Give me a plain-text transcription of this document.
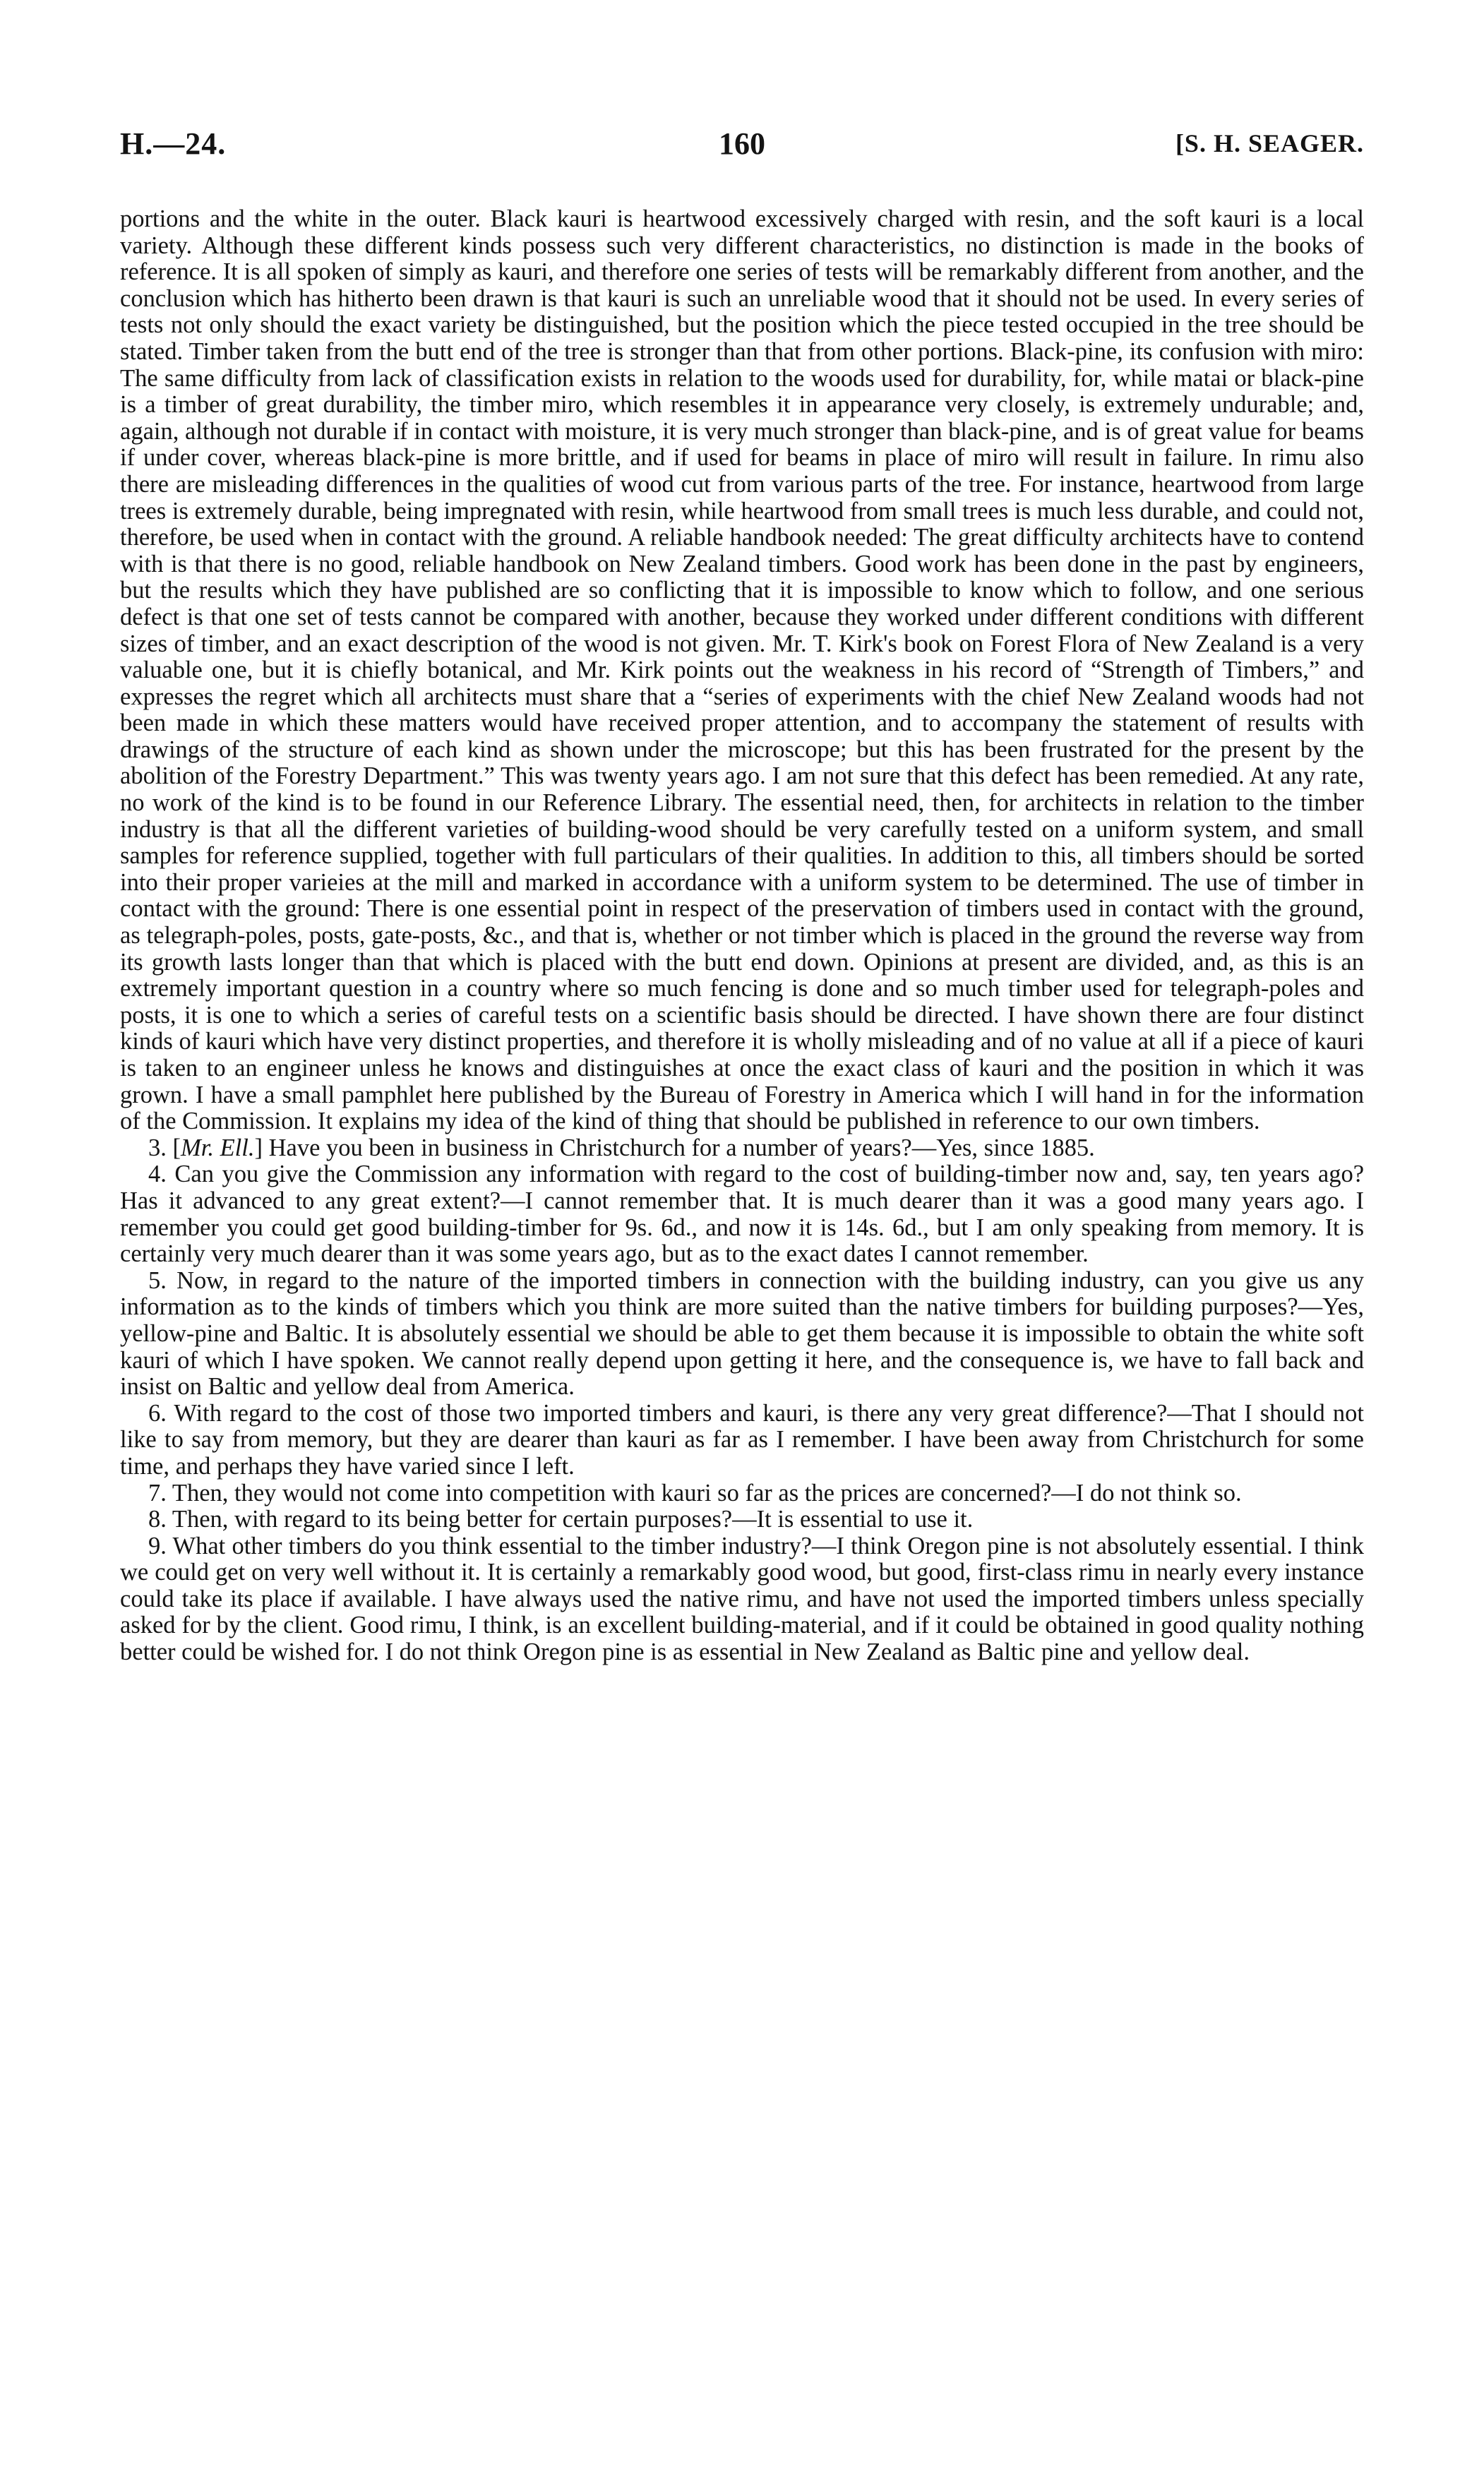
H.—24.	160	[S. H. SEAGER.

portions and the white in the outer. Black kauri is heartwood excessively charged with resin, and the soft kauri is a local variety. Although these different kinds possess such very different characteristics, no distinction is made in the books of reference. It is all spoken of simply as kauri, and therefore one series of tests will be remarkably different from another, and the conclusion which has hitherto been drawn is that kauri is such an unreliable wood that it should not be used. In every series of tests not only should the exact variety be distinguished, but the position which the piece tested occupied in the tree should be stated. Timber taken from the butt end of the tree is stronger than that from other portions. Black-pine, its confusion with miro: The same difficulty from lack of classification exists in relation to the woods used for durability, for, while matai or black-pine is a timber of great durability, the timber miro, which resembles it in appearance very closely, is extremely undurable; and, again, although not durable if in contact with moisture, it is very much stronger than black-pine, and is of great value for beams if under cover, whereas black-pine is more brittle, and if used for beams in place of miro will result in failure. In rimu also there are misleading differences in the qualities of wood cut from various parts of the tree. For instance, heartwood from large trees is extremely durable, being impregnated with resin, while heartwood from small trees is much less durable, and could not, therefore, be used when in contact with the ground. A reliable handbook needed: The great difficulty architects have to contend with is that there is no good, reliable handbook on New Zealand timbers. Good work has been done in the past by engineers, but the results which they have published are so conflicting that it is impossible to know which to follow, and one serious defect is that one set of tests cannot be compared with another, because they worked under different conditions with different sizes of timber, and an exact description of the wood is not given. Mr. T. Kirk's book on Forest Flora of New Zealand is a very valuable one, but it is chiefly botanical, and Mr. Kirk points out the weakness in his record of “Strength of Timbers,” and expresses the regret which all architects must share that a “series of experiments with the chief New Zealand woods had not been made in which these matters would have received proper attention, and to accompany the statement of results with drawings of the structure of each kind as shown under the microscope; but this has been frustrated for the present by the abolition of the Forestry Department.” This was twenty years ago. I am not sure that this defect has been remedied. At any rate, no work of the kind is to be found in our Reference Library. The essential need, then, for architects in relation to the timber industry is that all the different varieties of building-wood should be very carefully tested on a uniform system, and small samples for reference supplied, together with full particulars of their qualities. In addition to this, all timbers should be sorted into their proper varieies at the mill and marked in accordance with a uniform system to be determined. The use of timber in contact with the ground: There is one essential point in respect of the preservation of timbers used in contact with the ground, as telegraph-poles, posts, gate-posts, &c., and that is, whether or not timber which is placed in the ground the reverse way from its growth lasts longer than that which is placed with the butt end down. Opinions at present are divided, and, as this is an extremely important question in a country where so much fencing is done and so much timber used for telegraph-poles and posts, it is one to which a series of careful tests on a scientific basis should be directed. I have shown there are four distinct kinds of kauri which have very distinct properties, and therefore it is wholly misleading and of no value at all if a piece of kauri is taken to an engineer unless he knows and distinguishes at once the exact class of kauri and the position in which it was grown. I have a small pamphlet here published by the Bureau of Forestry in America which I will hand in for the information of the Commission. It explains my idea of the kind of thing that should be published in reference to our own timbers.

3. [Mr. Ell.] Have you been in business in Christchurch for a number of years?—Yes, since 1885.

4. Can you give the Commission any information with regard to the cost of building-timber now and, say, ten years ago? Has it advanced to any great extent?—I cannot remember that. It is much dearer than it was a good many years ago. I remember you could get good building-timber for 9s. 6d., and now it is 14s. 6d., but I am only speaking from memory. It is certainly very much dearer than it was some years ago, but as to the exact dates I cannot remember.

5. Now, in regard to the nature of the imported timbers in connection with the building industry, can you give us any information as to the kinds of timbers which you think are more suited than the native timbers for building purposes?—Yes, yellow-pine and Baltic. It is absolutely essential we should be able to get them because it is impossible to obtain the white soft kauri of which I have spoken. We cannot really depend upon getting it here, and the consequence is, we have to fall back and insist on Baltic and yellow deal from America.

6. With regard to the cost of those two imported timbers and kauri, is there any very great difference?—That I should not like to say from memory, but they are dearer than kauri as far as I remember. I have been away from Christchurch for some time, and perhaps they have varied since I left.

7. Then, they would not come into competition with kauri so far as the prices are concerned?—I do not think so.

8. Then, with regard to its being better for certain purposes?—It is essential to use it.

9. What other timbers do you think essential to the timber industry?—I think Oregon pine is not absolutely essential. I think we could get on very well without it. It is certainly a remarkably good wood, but good, first-class rimu in nearly every instance could take its place if available. I have always used the native rimu, and have not used the imported timbers unless specially asked for by the client. Good rimu, I think, is an excellent building-material, and if it could be obtained in good quality nothing better could be wished for. I do not think Oregon pine is as essential in New Zealand as Baltic pine and yellow deal.
